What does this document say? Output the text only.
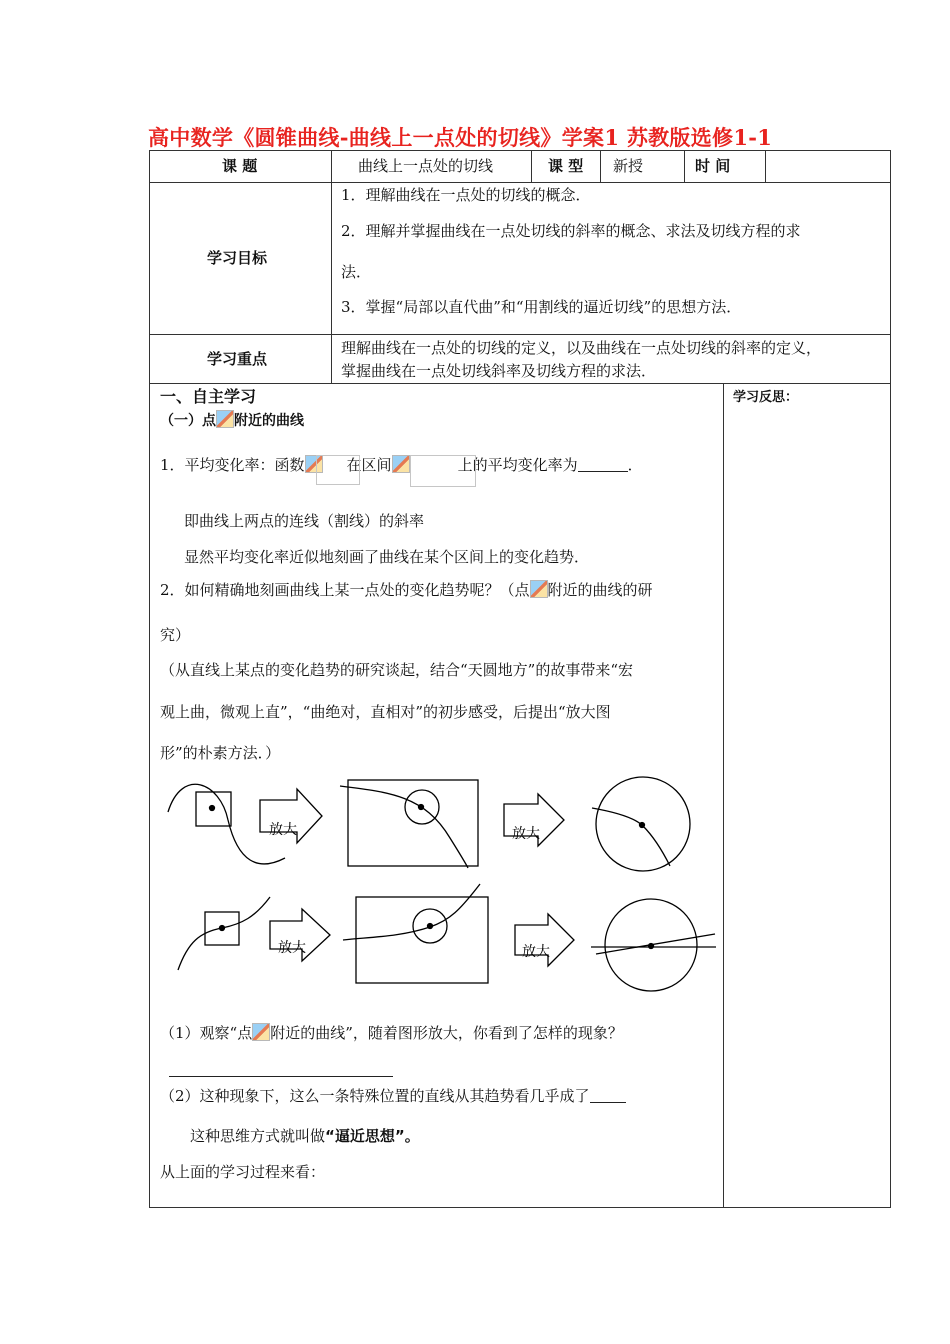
高中数学《圆锥曲线-曲线上一点处的切线》学案1 苏教版选修1-1
课 题	曲线上一点处的切线	课 型 新授	时 间
学习目标
1．理解曲线在一点处的切线的概念．
2．理解并掌握曲线在一点处切线的斜率的概念、求法及切线方程的求
法．
3．掌握“局部以直代曲”和“用割线的逼近切线”的思想方法．
学习重点
理解曲线在一点处的切线的定义，以及曲线在一点处切线的斜率的定义，
掌握曲线在一点处切线斜率及切线方程的求法．
一、自主学习	学习反思：
（一）点 附近的曲线
1．平均变化率：函数	在区间	上的平均变化率为	．
即曲线上两点的连线（割线）的斜率
显然平均变化率近似地刻画了曲线在某个区间上的变化趋势．
2．如何精确地刻画曲线上某一点处的变化趋势呢？（点 附近的曲线的研
究）
（从直线上某点的变化趋势的研究谈起，结合“天圆地方”的故事带来“宏
观上曲，微观上直”，“曲绝对，直相对”的初步感受，后提出“放大图
形”的朴素方法．）
放大	放大
放大	放大
（1）观察“点 附近的曲线”，随着图形放大，你看到了怎样的现象？
（2）这种现象下，这么一条特殊位置的直线从其趋势看几乎成了
这种思维方式就叫做“逼近思想”。
从上面的学习过程来看：
